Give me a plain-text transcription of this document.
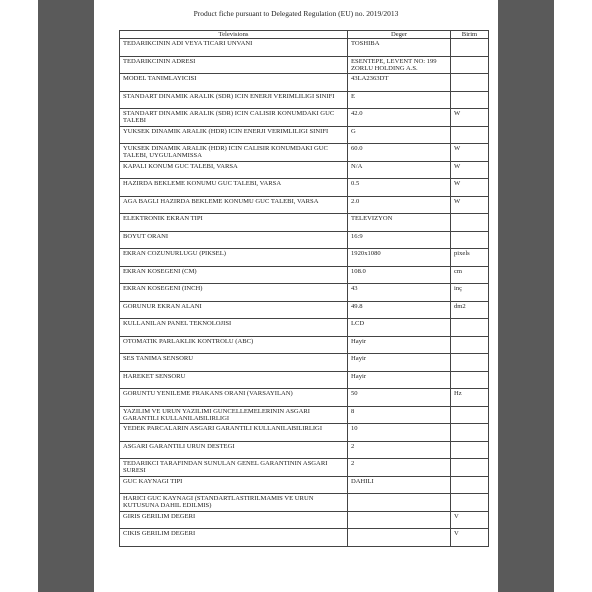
Product fiche pursuant to Delegated Regulation (EU) no. 2019/2013
Televisions	Deger	Birim
TEDARIKCININ ADI VEYA TICARI UNVANI	TOSHIBA	
TEDARIKCININ ADRESI	ESENTEPE, LEVENT NO: 199 ZORLU HOLDING A.S.	
MODEL TANIMLAYICISI	43LA2363DT	
STANDART DINAMIK ARALIK (SDR) ICIN ENERJI VERIMLILIGI SINIFI	E	
STANDART DINAMIK ARALIK (SDR) ICIN CALISIR KONUMDAKI GUC TALEBI	42.0	W
YUKSEK DINAMIK ARALIK (HDR) ICIN ENERJI VERIMLILIGI SINIFI	G	
YUKSEK DINAMIK ARALIK (HDR) ICIN CALISIR KONUMDAKI GUC TALEBI, UYGULANMISSA	60.0	W
KAPALI KONUM GUC TALEBI, VARSA	N/A	W
HAZIRDA BEKLEME KONUMU GUC TALEBI, VARSA	0.5	W
AGA BAGLI HAZIRDA BEKLEME KONUMU GUC TALEBI, VARSA	2.0	W
ELEKTRONIK EKRAN TIPI	TELEVIZYON	
BOYUT ORANI	16:9	
EKRAN COZUNURLUGU (PIKSEL)	1920x1080	pixels
EKRAN KOSEGENI (CM)	108.0	cm
EKRAN KOSEGENI (INCH)	43	inç
GORUNUR EKRAN ALANI	49.8	dm2
KULLANILAN PANEL TEKNOLOJISI	LCD	
OTOMATIK PARLAKLIK KONTROLU (ABC)	Hayir	
SES TANIMA SENSORU	Hayir	
HAREKET SENSORU	Hayir	
GORUNTU YENILEME FRAKANS ORANI (VARSAYILAN)	50	Hz
YAZILIM VE URUN YAZILIMI GUNCELLEMELERININ ASGARI GARANTILI KULLANILABILIRLIGI	8	
YEDEK PARCALARIN ASGARI GARANTILI KULLANILABILIRLIGI	10	
ASGARI GARANTILI URUN DESTEGI	2	
TEDARIKCI TARAFINDAN SUNULAN GENEL GARANTININ ASGARI SURESI	2	
GUC KAYNAGI TIPI	DAHILI	
HARICI GUC KAYNAGI (STANDARTLASTIRILMAMIS VE URUN KUTUSUNA DAHIL EDILMIS)		
GIRIS GERILIM DEGERI		V
CIKIS GERILIM DEGERI		V
